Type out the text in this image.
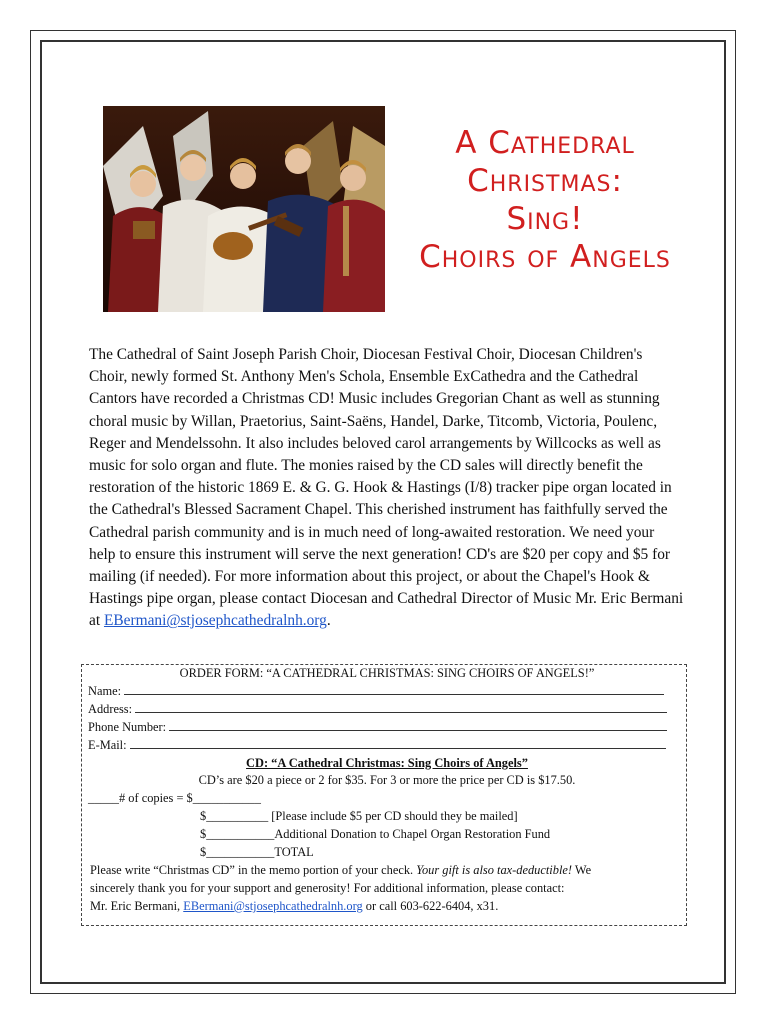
A Cathedral
Christmas:
Sing!
Choirs of Angels
The Cathedral of Saint Joseph Parish Choir, Diocesan Festival Choir, Diocesan Children's Choir, newly formed St. Anthony Men's Schola, Ensemble ExCathedra and the Cathedral Cantors have recorded a Christmas CD! Music includes Gregorian Chant as well as stunning choral music by Willan, Praetorius, Saint-Saëns, Handel, Darke, Titcomb, Victoria, Poulenc, Reger and Mendelssohn. It also includes beloved carol arrangements by Willcocks as well as music for solo organ and flute. The monies raised by the CD sales will directly benefit the restoration of the historic 1869 E. & G. G. Hook & Hastings (I/8) tracker pipe organ located in the Cathedral's Blessed Sacrament Chapel. This cherished instrument has faithfully served the Cathedral parish community and is in much need of long-awaited restoration. We need your help to ensure this instrument will serve the next generation! CD's are $20 per copy and $5 for mailing (if needed). For more information about this project, or about the Chapel's Hook & Hastings pipe organ, please contact Diocesan and Cathedral Director of Music Mr. Eric Bermani at EBermani@stjosephcathedralnh.org.
ORDER FORM: “A CATHEDRAL CHRISTMAS: SING CHOIRS OF ANGELS!”
Name:
Address:
Phone Number:
E-Mail:
CD: “A Cathedral Christmas: Sing Choirs of Angels”
CD’s are $20 a piece or 2 for $35. For 3 or more the price per CD is $17.50.
_____# of copies = $___________
$__________ [Please include $5 per CD should they be mailed]
$___________Additional Donation to Chapel Organ Restoration Fund
$___________TOTAL
Please write “Christmas CD” in the memo portion of your check. Your gift is also tax-deductible! We
sincerely thank you for your support and generosity! For additional information, please contact:
Mr. Eric Bermani, EBermani@stjosephcathedralnh.org or call 603-622-6404, x31.
